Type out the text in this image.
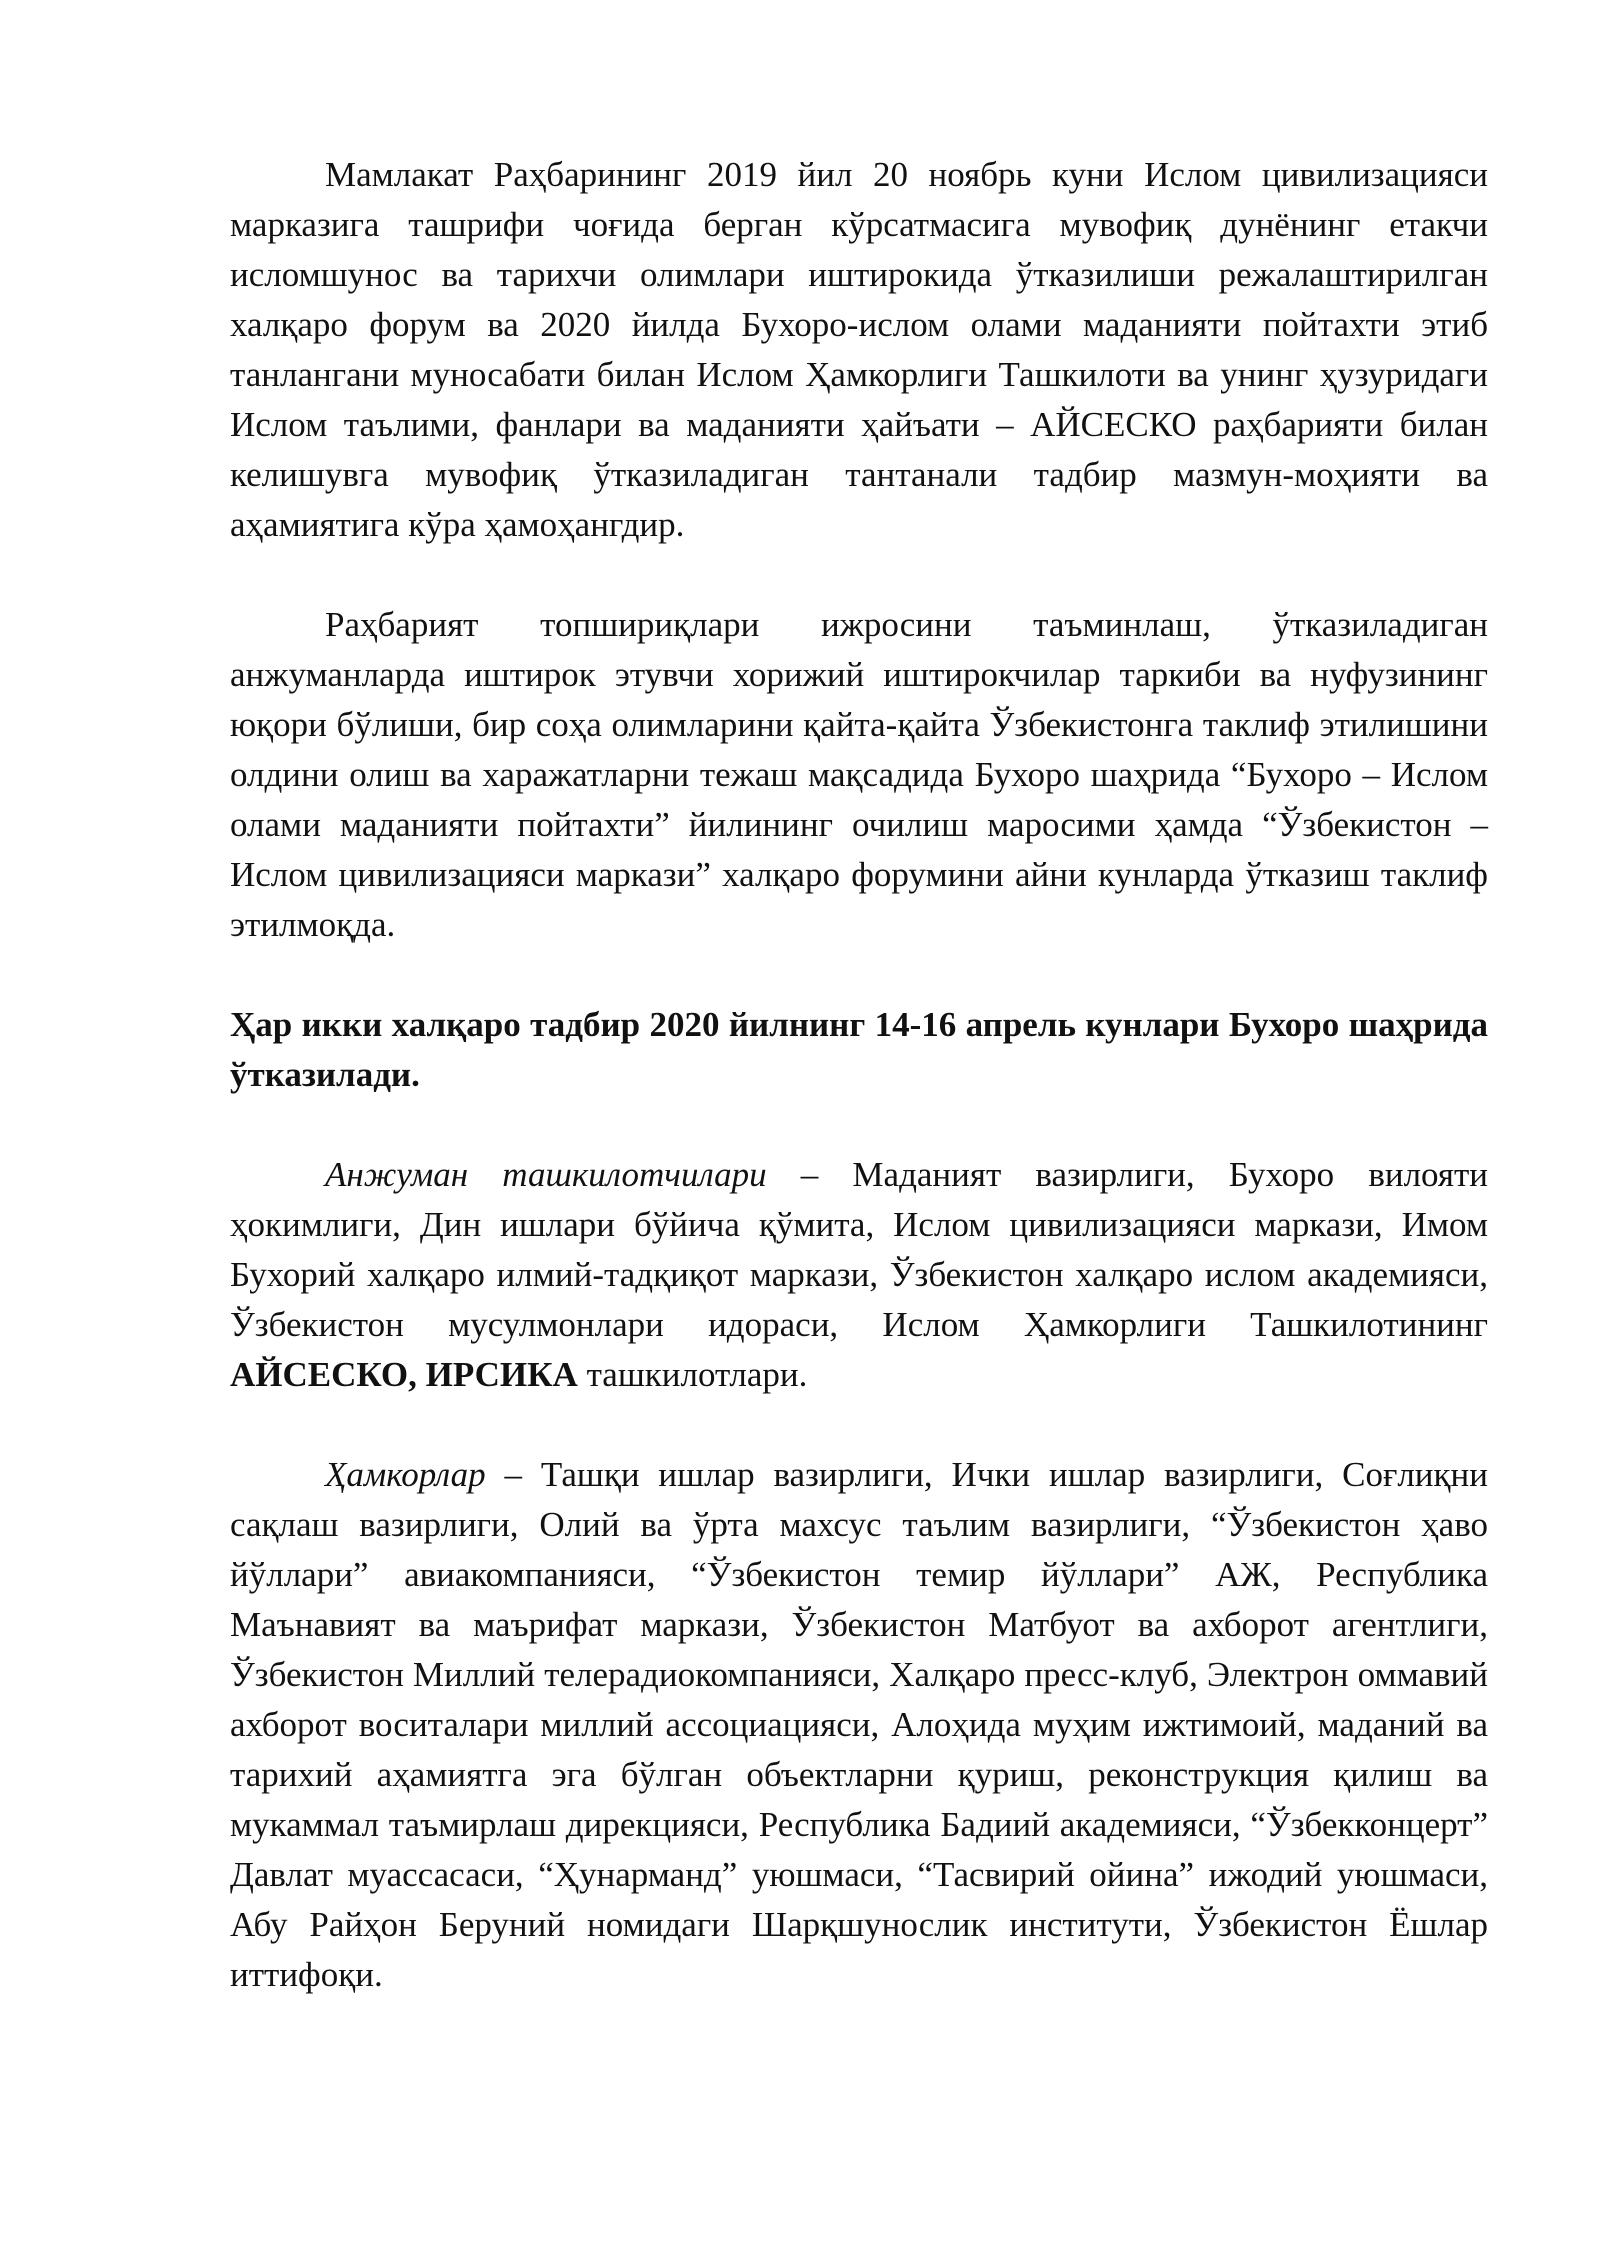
Мамлакат Раҳбарининг 2019 йил 20 ноябрь куни Ислом цивилизацияси марказига ташрифи чоғида берган кўрсатмасига мувофиқ дунёнинг етакчи исломшунос ва тарихчи олимлари иштирокида ўтказилиши режалаштирилган халқаро форум ва 2020 йилда Бухоро-ислом олами маданияти пойтахти этиб танлангани муносабати билан Ислом Ҳамкорлиги Ташкилоти ва унинг ҳузуридаги Ислом таълими, фанлари ва маданияти ҳайъати – АЙСЕСКО раҳбарияти билан келишувга мувофиқ ўтказиладиган тантанали тадбир мазмун-моҳияти ва аҳамиятига кўра ҳамоҳангдир.

Раҳбарият топшириқлари ижросини таъминлаш, ўтказиладиган анжуманларда иштирок этувчи хорижий иштирокчилар таркиби ва нуфузининг юқори бўлиши, бир соҳа олимларини қайта-қайта Ўзбекистонга таклиф этилишини олдини олиш ва харажатларни тежаш мақсадида Бухоро шаҳрида “Бухоро – Ислом олами маданияти пойтахти” йилининг очилиш маросими ҳамда “Ўзбекистон – Ислом цивилизацияси маркази” халқаро форумини айни кунларда ўтказиш таклиф этилмоқда.

Ҳар икки халқаро тадбир 2020 йилнинг 14-16 апрель кунлари Бухоро шаҳрида ўтказилади.

Анжуман ташкилотчилари – Маданият вазирлиги, Бухоро вилояти ҳокимлиги, Дин ишлари бўйича қўмита, Ислом цивилизацияси маркази, Имом Бухорий халқаро илмий-тадқиқот маркази, Ўзбекистон халқаро ислом академияси, Ўзбекистон мусулмонлари идораси, Ислом Ҳамкорлиги Ташкилотининг АЙСЕСКО, ИРСИКА ташкилотлари.

Ҳамкорлар – Ташқи ишлар вазирлиги, Ички ишлар вазирлиги, Соғлиқни сақлаш вазирлиги, Олий ва ўрта махсус таълим вазирлиги, “Ўзбекистон ҳаво йўллари” авиакомпанияси, “Ўзбекистон темир йўллари” АЖ, Республика Маънавият ва маърифат маркази, Ўзбекистон Матбуот ва ахборот агентлиги, Ўзбекистон Миллий телерадиокомпанияси, Халқаро пресс-клуб, Электрон оммавий ахборот воситалари миллий ассоциацияси, Алоҳида муҳим ижтимоий, маданий ва тарихий аҳамиятга эга бўлган объектларни қуриш, реконструкция қилиш ва мукаммал таъмирлаш дирекцияси, Республика Бадиий академияси, “Ўзбекконцерт” Давлат муассасаси, “Ҳунарманд” уюшмаси, “Тасвирий ойина” ижодий уюшмаси, Абу Райҳон Беруний номидаги Шарқшунослик институти, Ўзбекистон Ёшлар иттифоқи.
